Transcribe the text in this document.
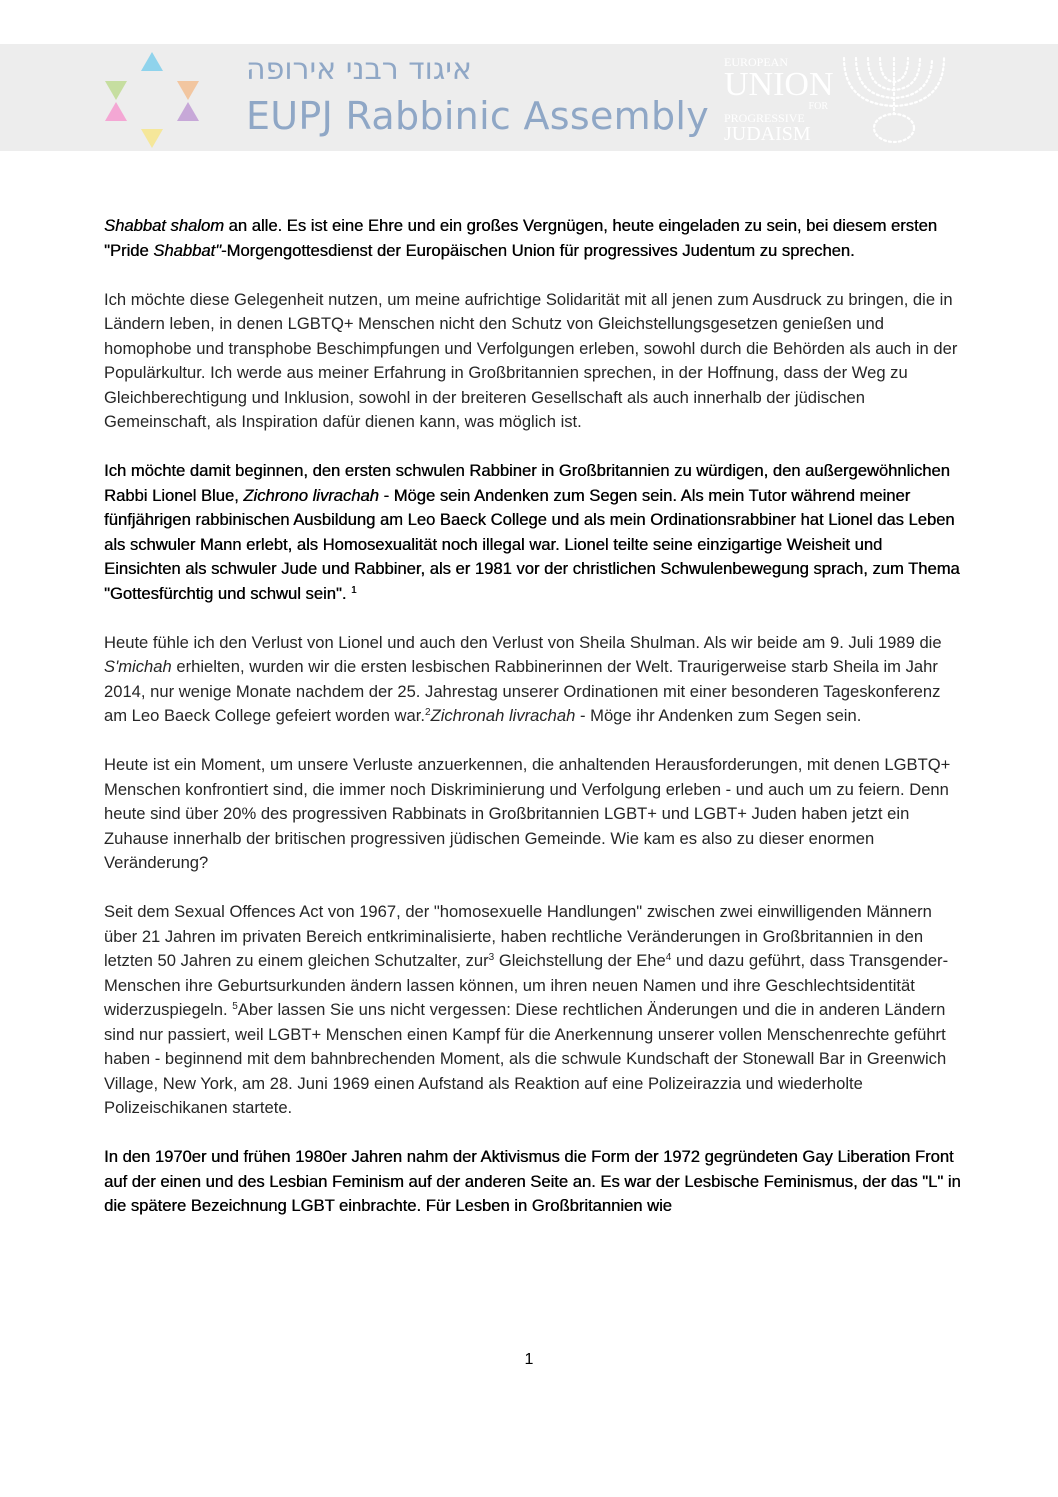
איגוד רבני אירופה
EUPJ Rabbinic Assembly
EUROPEAN
UNION
FOR
PROGRESSIVE
JUDAISM

Shabbat shalom an alle. Es ist eine Ehre und ein großes Vergnügen, heute eingeladen zu sein, bei diesem ersten "Pride Shabbat"-Morgengottesdienst der Europäischen Union für progressives Judentum zu sprechen.

Ich möchte diese Gelegenheit nutzen, um meine aufrichtige Solidarität mit all jenen zum Ausdruck zu bringen, die in Ländern leben, in denen LGBTQ+ Menschen nicht den Schutz von Gleichstellungsgesetzen genießen und homophobe und transphobe Beschimpfungen und Verfolgungen erleben, sowohl durch die Behörden als auch in der Populärkultur. Ich werde aus meiner Erfahrung in Großbritannien sprechen, in der Hoffnung, dass der Weg zu Gleichberechtigung und Inklusion, sowohl in der breiteren Gesellschaft als auch innerhalb der jüdischen Gemeinschaft, als Inspiration dafür dienen kann, was möglich ist.

Ich möchte damit beginnen, den ersten schwulen Rabbiner in Großbritannien zu würdigen, den außergewöhnlichen Rabbi Lionel Blue, Zichrono livrachah - Möge sein Andenken zum Segen sein. Als mein Tutor während meiner fünfjährigen rabbinischen Ausbildung am Leo Baeck College und als mein Ordinationsrabbiner hat Lionel das Leben als schwuler Mann erlebt, als Homosexualität noch illegal war. Lionel teilte seine einzigartige Weisheit und Einsichten als schwuler Jude und Rabbiner, als er 1981 vor der christlichen Schwulenbewegung sprach, zum Thema "Gottesfürchtig und schwul sein". $^1$

Heute fühle ich den Verlust von Lionel und auch den Verlust von Sheila Shulman. Als wir beide am 9. Juli 1989 die S'michah erhielten, wurden wir die ersten lesbischen Rabbinerinnen der Welt. Traurigerweise starb Sheila im Jahr 2014, nur wenige Monate nachdem der 25. Jahrestag unserer Ordinationen mit einer besonderen Tageskonferenz am Leo Baeck College gefeiert worden war.$^2$Zichronah livrachah - Möge ihr Andenken zum Segen sein.

Heute ist ein Moment, um unsere Verluste anzuerkennen, die anhaltenden Herausforderungen, mit denen LGBTQ+ Menschen konfrontiert sind, die immer noch Diskriminierung und Verfolgung erleben - und auch um zu feiern. Denn heute sind über 20% des progressiven Rabbinats in Großbritannien LGBT+ und LGBT+ Juden haben jetzt ein Zuhause innerhalb der britischen progressiven jüdischen Gemeinde. Wie kam es also zu dieser enormen Veränderung?

Seit dem Sexual Offences Act von 1967, der "homosexuelle Handlungen" zwischen zwei einwilligenden Männern über 21 Jahren im privaten Bereich entkriminalisierte, haben rechtliche Veränderungen in Großbritannien in den letzten 50 Jahren zu einem gleichen Schutzalter, zur$^3$ Gleichstellung der Ehe$^4$ und dazu geführt, dass Transgender-Menschen ihre Geburtsurkunden ändern lassen können, um ihren neuen Namen und ihre Geschlechtsidentität widerzuspiegeln. $^5$Aber lassen Sie uns nicht vergessen: Diese rechtlichen Änderungen und die in anderen Ländern sind nur passiert, weil LGBT+ Menschen einen Kampf für die Anerkennung unserer vollen Menschenrechte geführt haben - beginnend mit dem bahnbrechenden Moment, als die schwule Kundschaft der Stonewall Bar in Greenwich Village, New York, am 28. Juni 1969 einen Aufstand als Reaktion auf eine Polizeirazzia und wiederholte Polizeischikanen startete.

In den 1970er und frühen 1980er Jahren nahm der Aktivismus die Form der 1972 gegründeten Gay Liberation Front auf der einen und des Lesbian Feminism auf der anderen Seite an. Es war der Lesbische Feminismus, der das "L" in die spätere Bezeichnung LGBT einbrachte. Für Lesben in Großbritannien wie

1
